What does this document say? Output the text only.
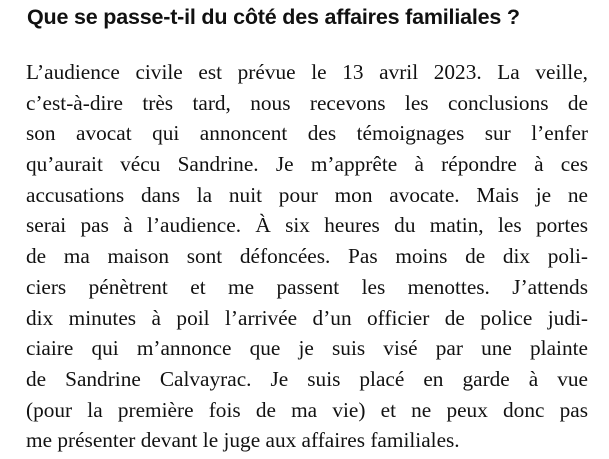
Que se passe-t-il du côté des affaires familiales ?
L’audience civile est prévue le 13 avril 2023. La veille,
c’est-à-dire très tard, nous recevons les conclusions de
son avocat qui annoncent des témoignages sur l’enfer
qu’aurait vécu Sandrine. Je m’apprête à répondre à ces
accusations dans la nuit pour mon avocate. Mais je ne
serai pas à l’audience. À six heures du matin, les portes
de ma maison sont défoncées. Pas moins de dix poli-
ciers pénètrent et me passent les menottes. J’attends
dix minutes à poil l’arrivée d’un officier de police judi-
ciaire qui m’annonce que je suis visé par une plainte
de Sandrine Calvayrac. Je suis placé en garde à vue
(pour la première fois de ma vie) et ne peux donc pas
me présenter devant le juge aux affaires familiales.
